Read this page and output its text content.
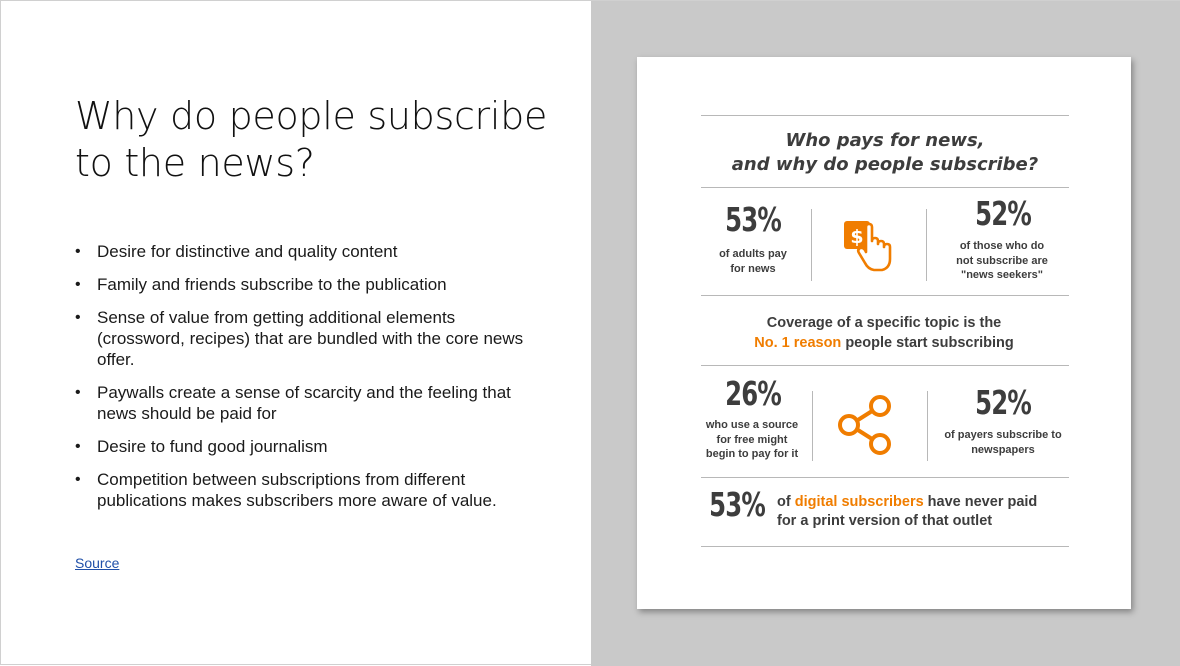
Why do people subscribe to the news?
• Desire for distinctive and quality content
• Family and friends subscribe to the publication
• Sense of value from getting additional elements (crossword, recipes) that are bundled with the core news offer.
• Paywalls create a sense of scarcity and the feeling that news should be paid for
• Desire to fund good journalism
• Competition between subscriptions from different publications makes subscribers more aware of value.
Source
Who pays for news,
and why do people subscribe?
53%
of adults pay
for news
$
52%
of those who do
not subscribe are
"news seekers"
Coverage of a specific topic is the
No. 1 reason people start subscribing
26%
who use a source
for free might
begin to pay for it
52%
of payers subscribe to
newspapers
53% of digital subscribers have never paid
for a print version of that outlet
